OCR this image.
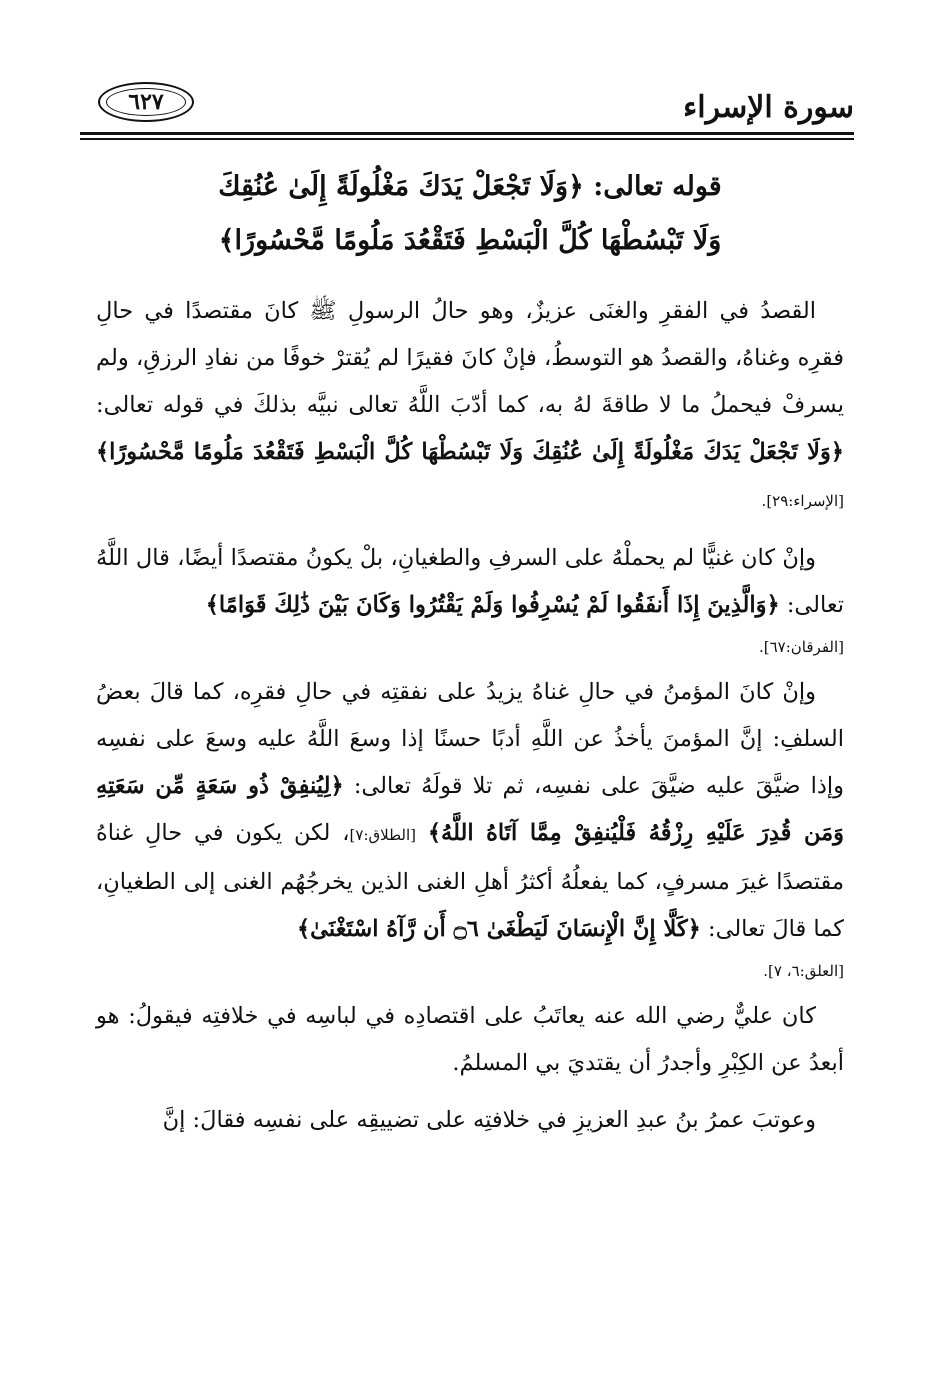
سورة الإسراء
٦٢٧
قوله تعالى: ﴿وَلَا تَجْعَلْ يَدَكَ مَغْلُولَةً إِلَىٰ عُنُقِكَ
وَلَا تَبْسُطْهَا كُلَّ الْبَسْطِ فَتَقْعُدَ مَلُومًا مَّحْسُورًا﴾

القصدُ في الفقرِ والغنَى عزيزٌ، وهو حالُ الرسولِ ﷺ كانَ مقتصدًا في حالِ فقرِه وغناهُ، والقصدُ هو التوسطُ، فإنْ كانَ فقيرًا لم يُقترْ خوفًا من نفادِ الرزقِ، ولم يسرفْ فيحملُ ما لا طاقةَ لهُ به، كما أدّبَ اللَّهُ تعالى نبيَّه بذلكَ في قوله تعالى: ﴿وَلَا تَجْعَلْ يَدَكَ مَغْلُولَةً إِلَىٰ عُنُقِكَ وَلَا تَبْسُطْهَا كُلَّ الْبَسْطِ فَتَقْعُدَ مَلُومًا مَّحْسُورًا﴾ [الإسراء:٢٩].

وإنْ كان غنيًّا لم يحملْهُ على السرفِ والطغيانِ، بلْ يكونُ مقتصدًا أيضًا، قال اللَّهُ تعالى: ﴿وَالَّذِينَ إِذَا أَنفَقُوا لَمْ يُسْرِفُوا وَلَمْ يَقْتُرُوا وَكَانَ بَيْنَ ذَٰلِكَ قَوَامًا﴾
[الفرقان:٦٧].

وإنْ كانَ المؤمنُ في حالِ غناهُ يزيدُ على نفقتِه في حالِ فقرِه، كما قالَ بعضُ السلفِ: إنَّ المؤمنَ يأخذُ عن اللَّهِ أدبًا حسنًا إذا وسعَ اللَّهُ عليه وسعَ على نفسِه وإذا ضيَّقَ عليه ضيَّقَ على نفسِه، ثم تلا قولَهُ تعالى: ﴿لِيُنفِقْ ذُو سَعَةٍ مِّن سَعَتِهِ وَمَن قُدِرَ عَلَيْهِ رِزْقُهُ فَلْيُنفِقْ مِمَّا آتَاهُ اللَّهُ﴾ [الطلاق:٧]، لكن يكون في حالِ غناهُ مقتصدًا غيرَ مسرفٍ، كما يفعلُهُ أكثرُ أهلِ الغنى الذين يخرجُهُم الغنى إلى الطغيانِ، كما قالَ تعالى: ﴿كَلَّا إِنَّ الْإِنسَانَ لَيَطْغَىٰ ۝٦ أَن رَّآهُ اسْتَغْنَىٰ﴾
[العلق:٦، ٧].

كان عليٌّ رضي الله عنه يعاتَبُ على اقتصادِه في لباسِه في خلافتِه فيقولُ: هو أبعدُ عن الكِبْرِ وأجدرُ أن يقتديَ بي المسلمُ.

وعوتبَ عمرُ بنُ عبدِ العزيزِ في خلافتِه على تضييقِه على نفسِه فقالَ: إنَّ
